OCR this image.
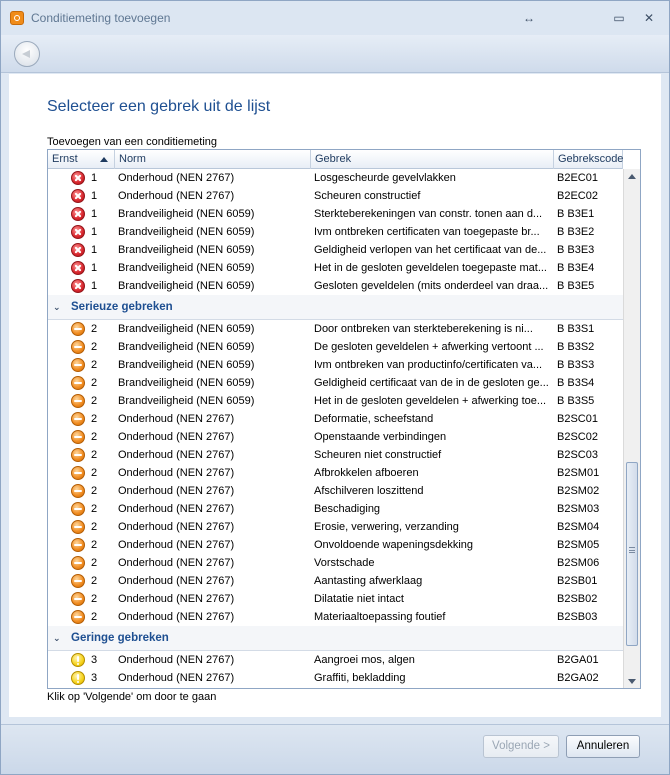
Conditiemeting toevoegen	↔	▭	✕
Selecteer een gebrek uit de lijst
Toevoegen van een conditiemeting
Ernst	Norm	Gebrek	Gebrekscode
1	Onderhoud (NEN 2767)	Losgescheurde gevelvlakken	B2EC01
1	Onderhoud (NEN 2767)	Scheuren constructief	B2EC02
1	Brandveiligheid (NEN 6059)	Sterkteberekeningen van constr. tonen aan d...	B B3E1
1	Brandveiligheid (NEN 6059)	Ivm ontbreken certificaten van toegepaste br...	B B3E2
1	Brandveiligheid (NEN 6059)	Geldigheid verlopen van het certificaat van de... B B3E3
1	Brandveiligheid (NEN 6059)	Het in de gesloten geveldelen toegepaste mat... B B3E4
1	Brandveiligheid (NEN 6059)	Gesloten geveldelen (mits onderdeel van draa... B B3E5
⌄ Serieuze gebreken
2	Brandveiligheid (NEN 6059)	Door ontbreken van sterkteberekening is ni...	B B3S1
2	Brandveiligheid (NEN 6059)	De gesloten geveldelen + afwerking vertoont ...	B B3S2
2	Brandveiligheid (NEN 6059)	Ivm ontbreken van productinfo/certificaten va...	B B3S3
2	Brandveiligheid (NEN 6059)	Geldigheid certificaat van de in de gesloten ge... B B3S4
2	Brandveiligheid (NEN 6059)	Het in de gesloten geveldelen + afwerking toe... B B3S5
2	Onderhoud (NEN 2767)	Deformatie, scheefstand	B2SC01
2	Onderhoud (NEN 2767)	Openstaande verbindingen	B2SC02
2	Onderhoud (NEN 2767)	Scheuren niet constructief	B2SC03
2	Onderhoud (NEN 2767)	Afbrokkelen afboeren	B2SM01
2	Onderhoud (NEN 2767)	Afschilveren loszittend	B2SM02
2	Onderhoud (NEN 2767)	Beschadiging	B2SM03
2	Onderhoud (NEN 2767)	Erosie, verwering, verzanding	B2SM04
2	Onderhoud (NEN 2767)	Onvoldoende wapeningsdekking	B2SM05
2	Onderhoud (NEN 2767)	Vorstschade	B2SM06
2	Onderhoud (NEN 2767)	Aantasting afwerklaag	B2SB01
2	Onderhoud (NEN 2767)	Dilatatie niet intact	B2SB02
2	Onderhoud (NEN 2767)	Materiaaltoepassing foutief	B2SB03
⌄ Geringe gebreken
3	Onderhoud (NEN 2767)	Aangroei mos, algen	B2GA01
3	Onderhoud (NEN 2767)	Graffiti, bekladding	B2GA02
Klik op 'Volgende' om door te gaan
Volgende >	Annuleren
